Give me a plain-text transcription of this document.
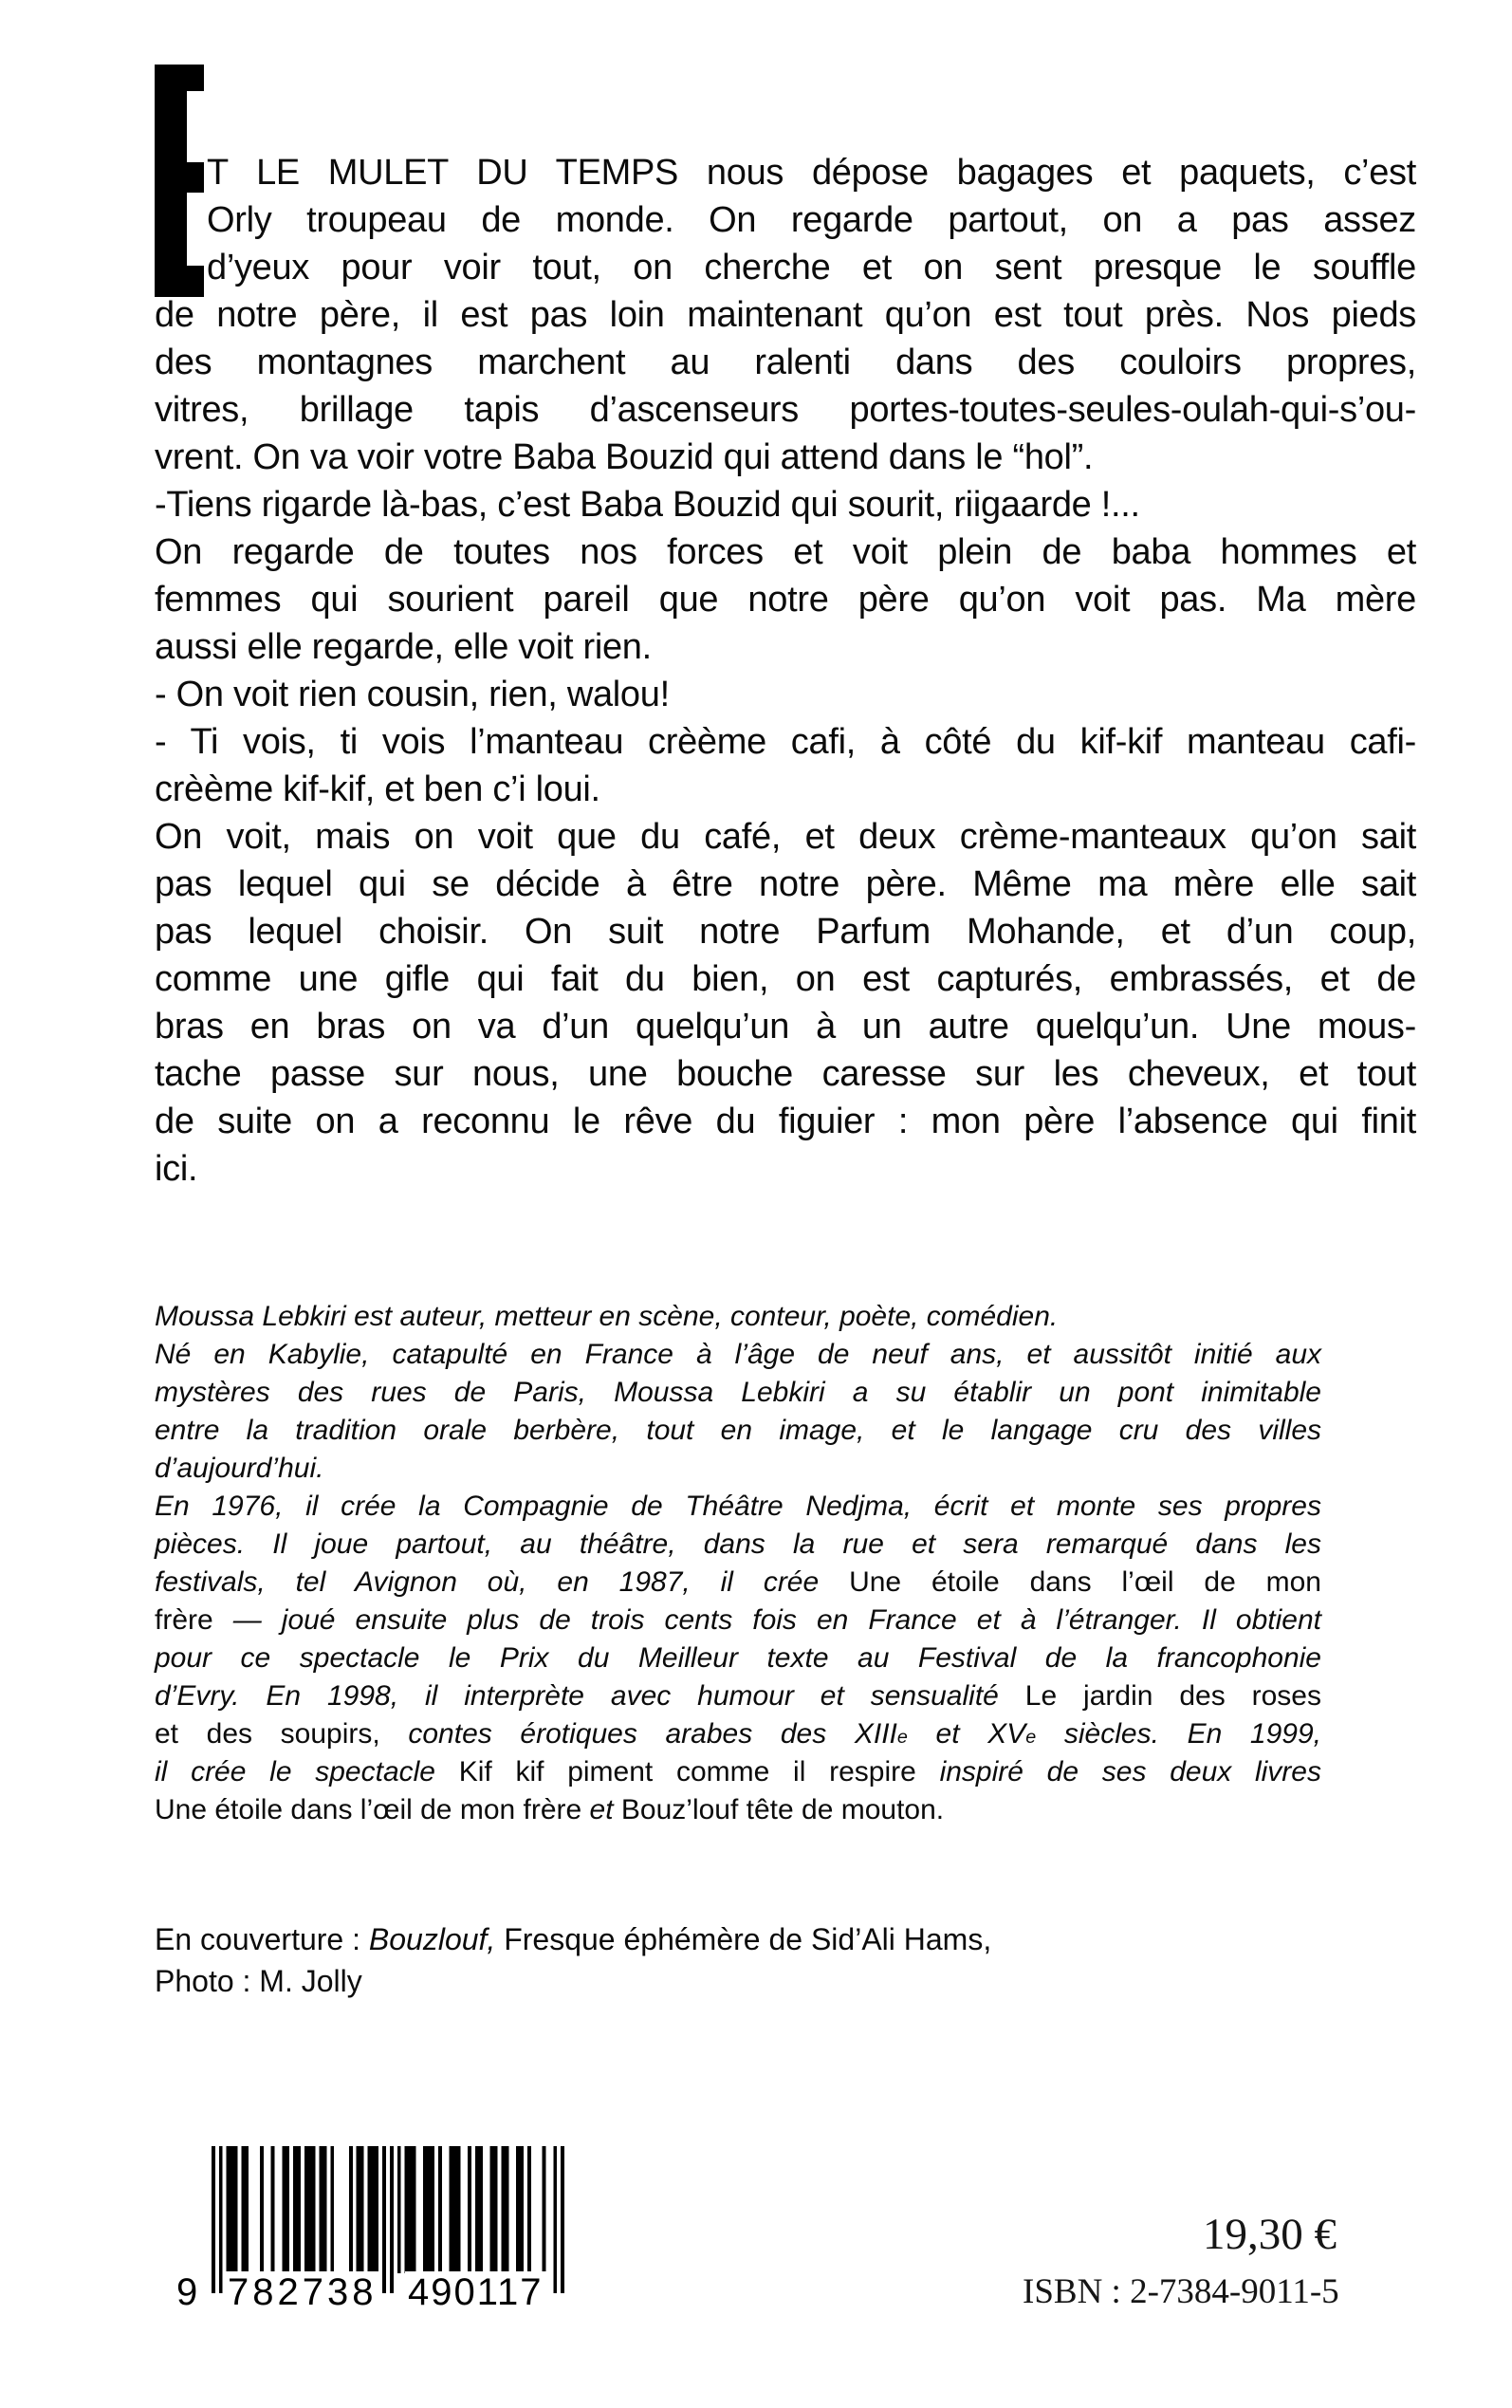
T LE MULET DU TEMPS nous dépose bagages et paquets, c’est
Orly troupeau de monde. On regarde partout, on a pas assez
d’yeux pour voir tout, on cherche et on sent presque le souffle
de notre père, il est pas loin maintenant qu’on est tout près. Nos pieds
des montagnes marchent au ralenti dans des couloirs propres,
vitres, brillage tapis d’ascenseurs portes-toutes-seules-oulah-qui-s’ou-
vrent. On va voir votre Baba Bouzid qui attend dans le “hol”.
-Tiens rigarde là-bas, c’est Baba Bouzid qui sourit, riigaarde !...
On regarde de toutes nos forces et voit plein de baba hommes et
femmes qui sourient pareil que notre père qu’on voit pas. Ma mère
aussi elle regarde, elle voit rien.
- On voit rien cousin, rien, walou!
- Ti vois, ti vois l’manteau crèème cafi, à côté du kif-kif manteau cafi-
crèème kif-kif, et ben c’i loui.
On voit, mais on voit que du café, et deux crème-manteaux qu’on sait
pas lequel qui se décide à être notre père. Même ma mère elle sait
pas lequel choisir. On suit notre Parfum Mohande, et d’un coup,
comme une gifle qui fait du bien, on est capturés, embrassés, et de
bras en bras on va d’un quelqu’un à un autre quelqu’un. Une mous-
tache passe sur nous, une bouche caresse sur les cheveux, et tout
de suite on a reconnu le rêve du figuier : mon père l’absence qui finit
ici.
Moussa Lebkiri est auteur, metteur en scène, conteur, poète, comédien.
Né en Kabylie, catapulté en France à l’âge de neuf ans, et aussitôt initié aux
mystères des rues de Paris, Moussa Lebkiri a su établir un pont inimitable
entre la tradition orale berbère, tout en image, et le langage cru des villes
d’aujourd’hui.
En 1976, il crée la Compagnie de Théâtre Nedjma, écrit et monte ses propres
pièces. Il joue partout, au théâtre, dans la rue et sera remarqué dans les
festivals, tel Avignon où, en 1987, il crée Une étoile dans l’œil de mon
frère — joué ensuite plus de trois cents fois en France et à l’étranger. Il obtient
pour ce spectacle le Prix du Meilleur texte au Festival de la francophonie
d’Evry. En 1998, il interprète avec humour et sensualité Le jardin des roses
et des soupirs, contes érotiques arabes des XIIIe et XVe siècles. En 1999,
il crée le spectacle Kif kif piment comme il respire inspiré de ses deux livres
Une étoile dans l’œil de mon frère et Bouz’louf tête de mouton.
En couverture : Bouzlouf, Fresque éphémère de Sid’Ali Hams,
Photo : M. Jolly
9 782738 490117
19,30 €
ISBN : 2-7384-9011-5
